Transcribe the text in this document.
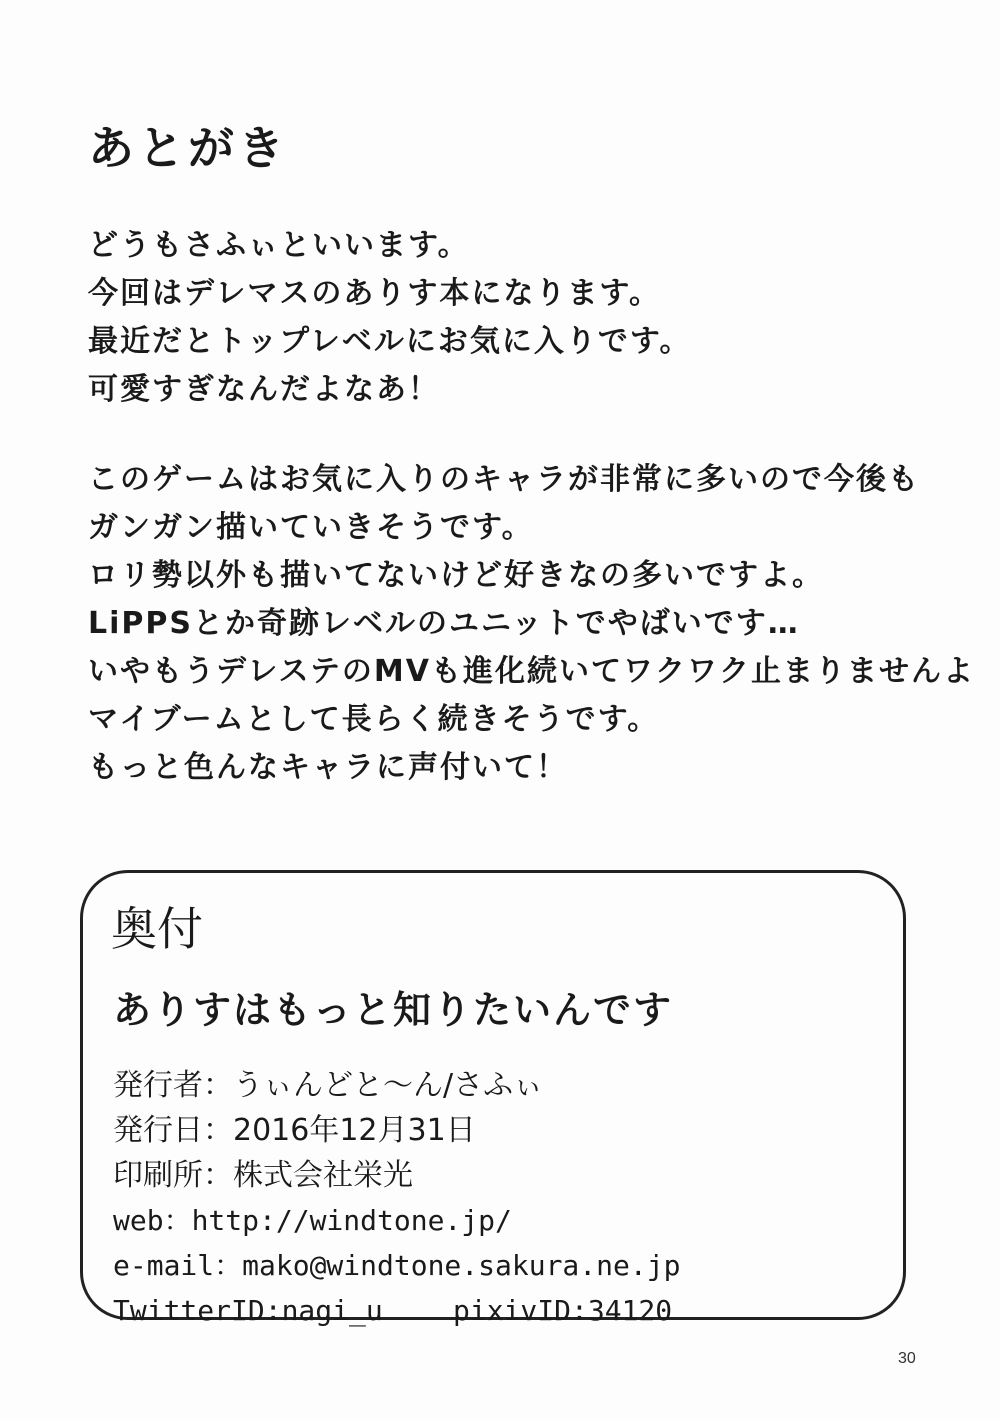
あとがき
どうもさふぃといいます。
今回はデレマスのありす本になります。
最近だとトップレベルにお気に入りです。
可愛すぎなんだよなあ！
このゲームはお気に入りのキャラが非常に多いので今後も
ガンガン描いていきそうです。
ロリ勢以外も描いてないけど好きなの多いですよ。
LiPPSとか奇跡レベルのユニットでやばいです…
いやもうデレステのMVも進化続いてワクワク止まりませんよ
マイブームとして長らく続きそうです。
もっと色んなキャラに声付いて！
奥付
ありすはもっと知りたいんです
発行者：うぃんどと～ん/さふぃ
発行日：2016年12月31日
印刷所：株式会社栄光
web：http://windtone.jp/
e-mail：mako@windtone.sakura.ne.jp
TwitterID:nagi_u	pixivID:34120
30
